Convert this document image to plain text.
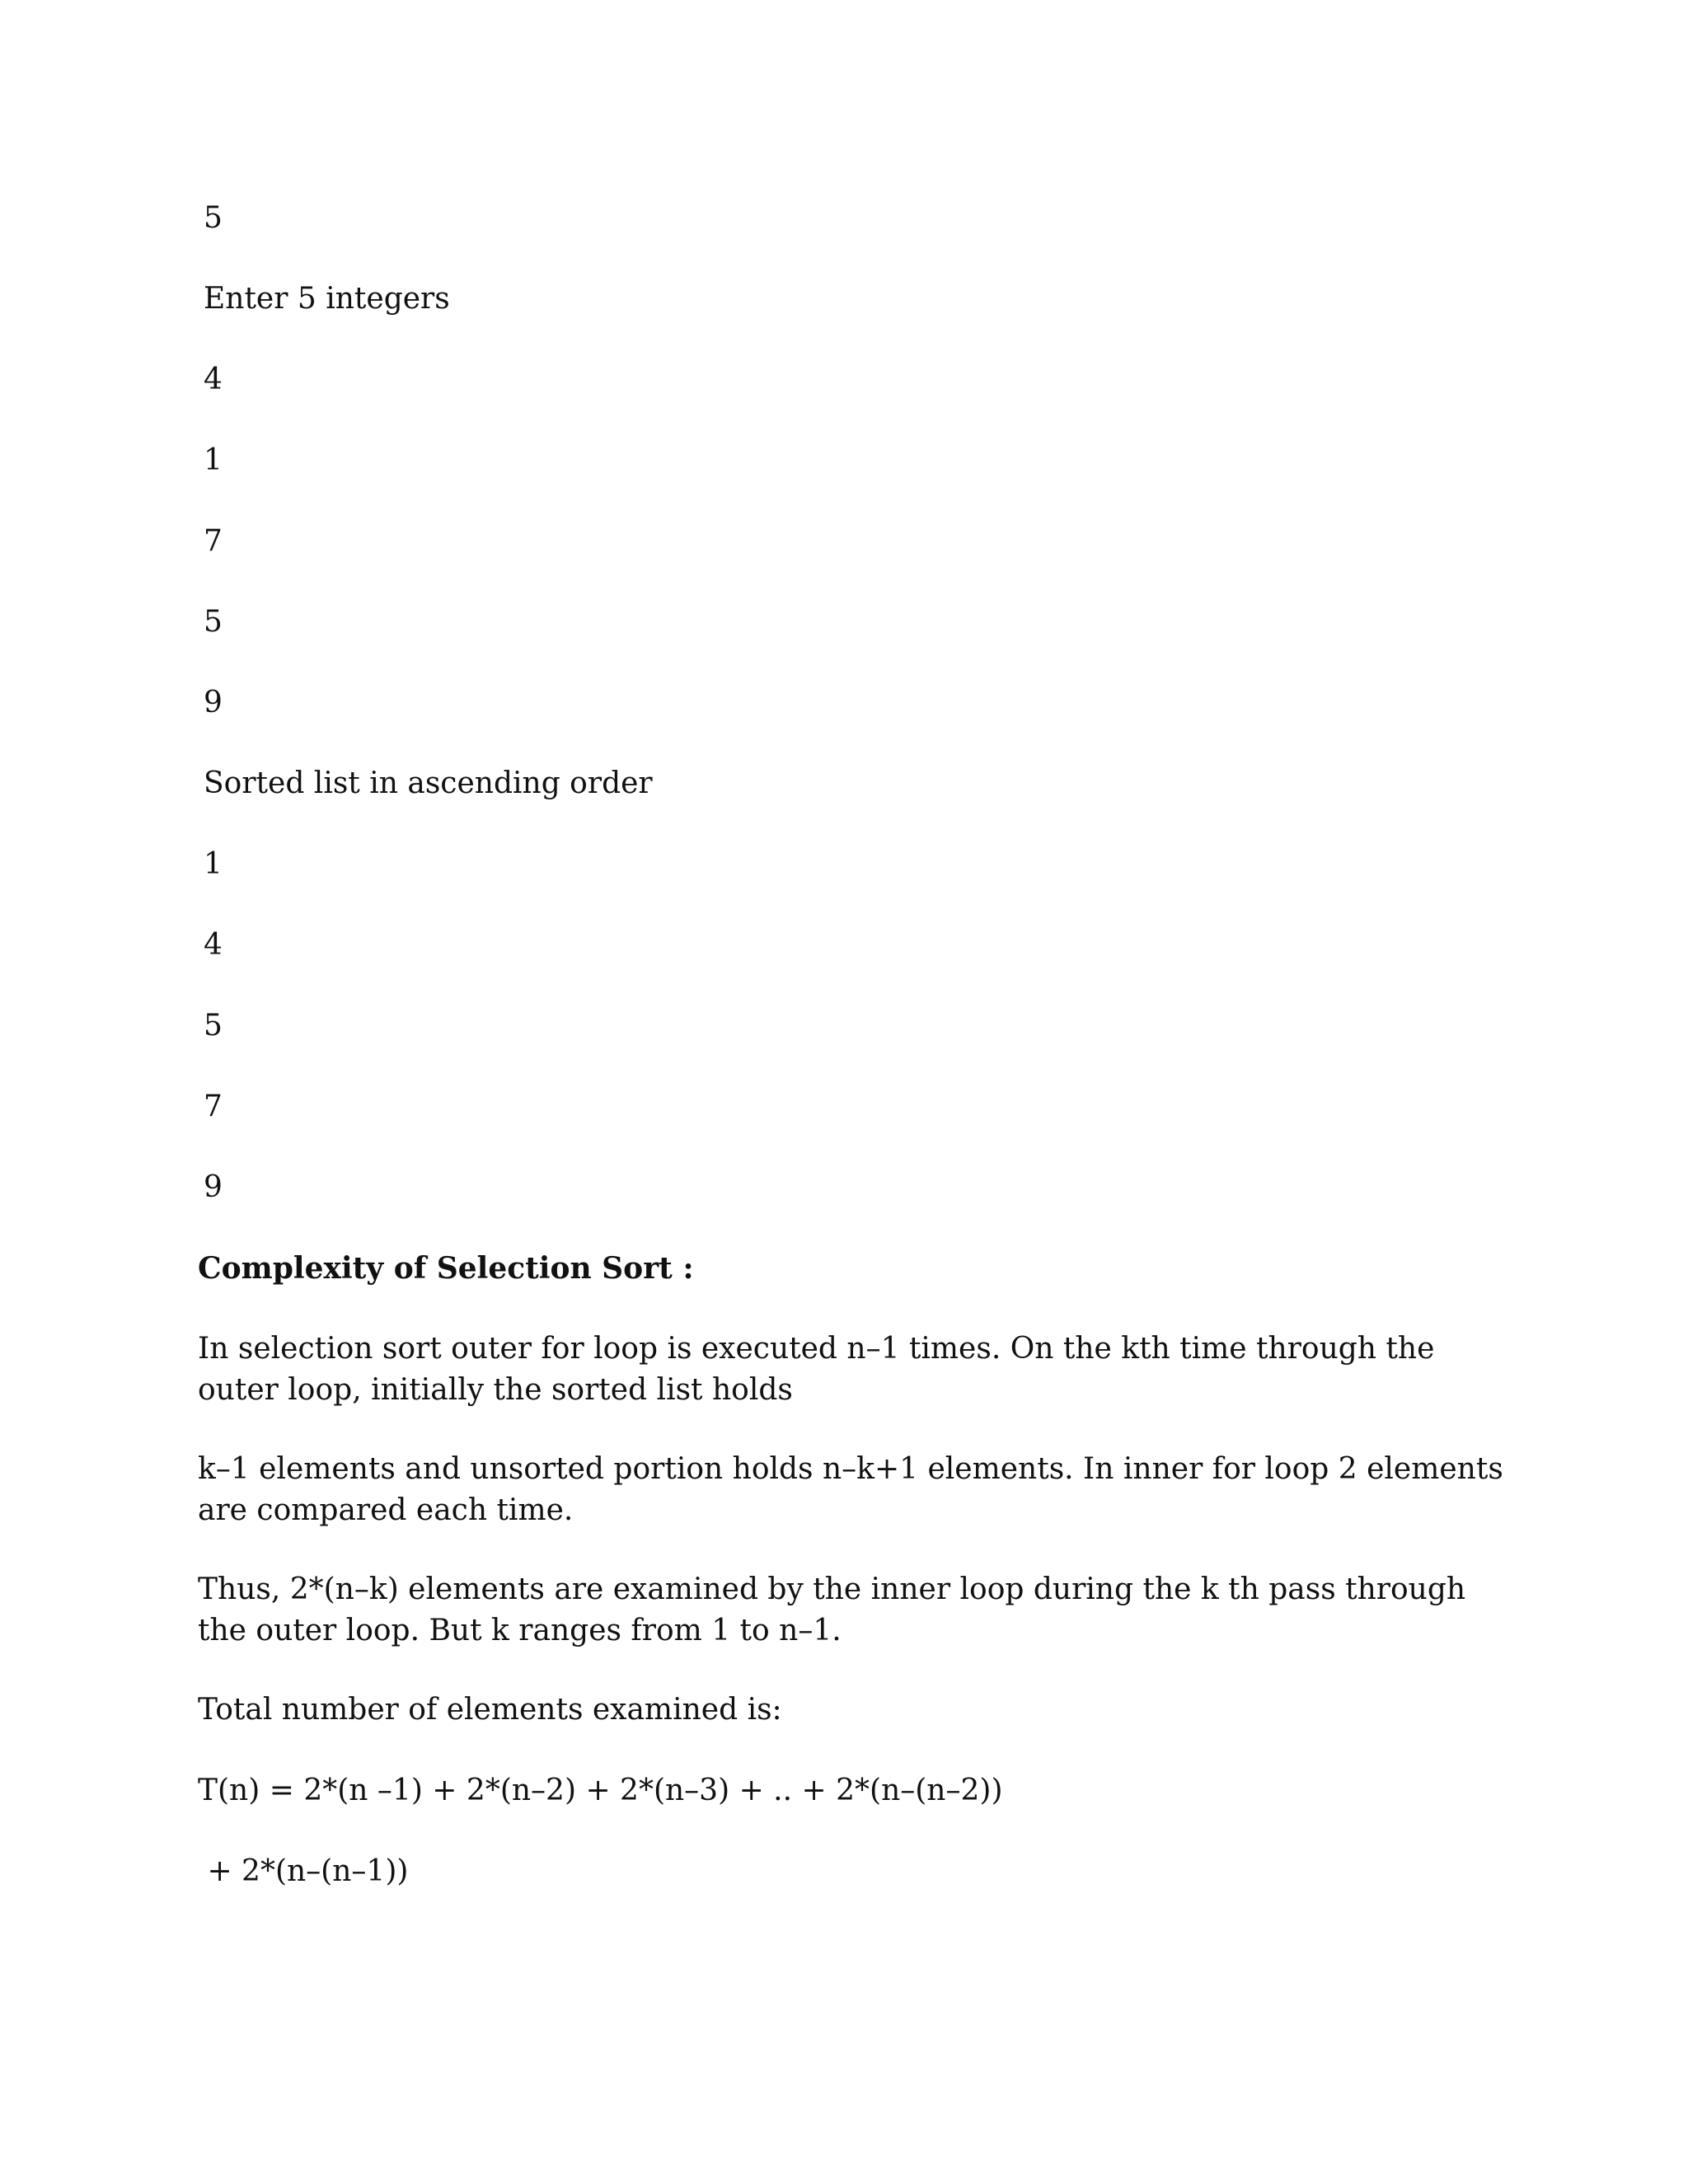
5

Enter 5 integers

4

1

7

5

9

Sorted list in ascending order

1

4

5

7

9

Complexity of Selection Sort :

In selection sort outer for loop is executed n–1 times. On the kth time through the outer loop, initially the sorted list holds

k–1 elements and unsorted portion holds n–k+1 elements. In inner for loop 2 elements are compared each time.

Thus, 2*(n–k) elements are examined by the inner loop during the k th pass through the outer loop. But k ranges from 1 to n–1.

Total number of elements examined is:

T(n) = 2*(n –1) + 2*(n–2) + 2*(n–3) + .. + 2*(n–(n–2))

+ 2*(n–(n–1))
